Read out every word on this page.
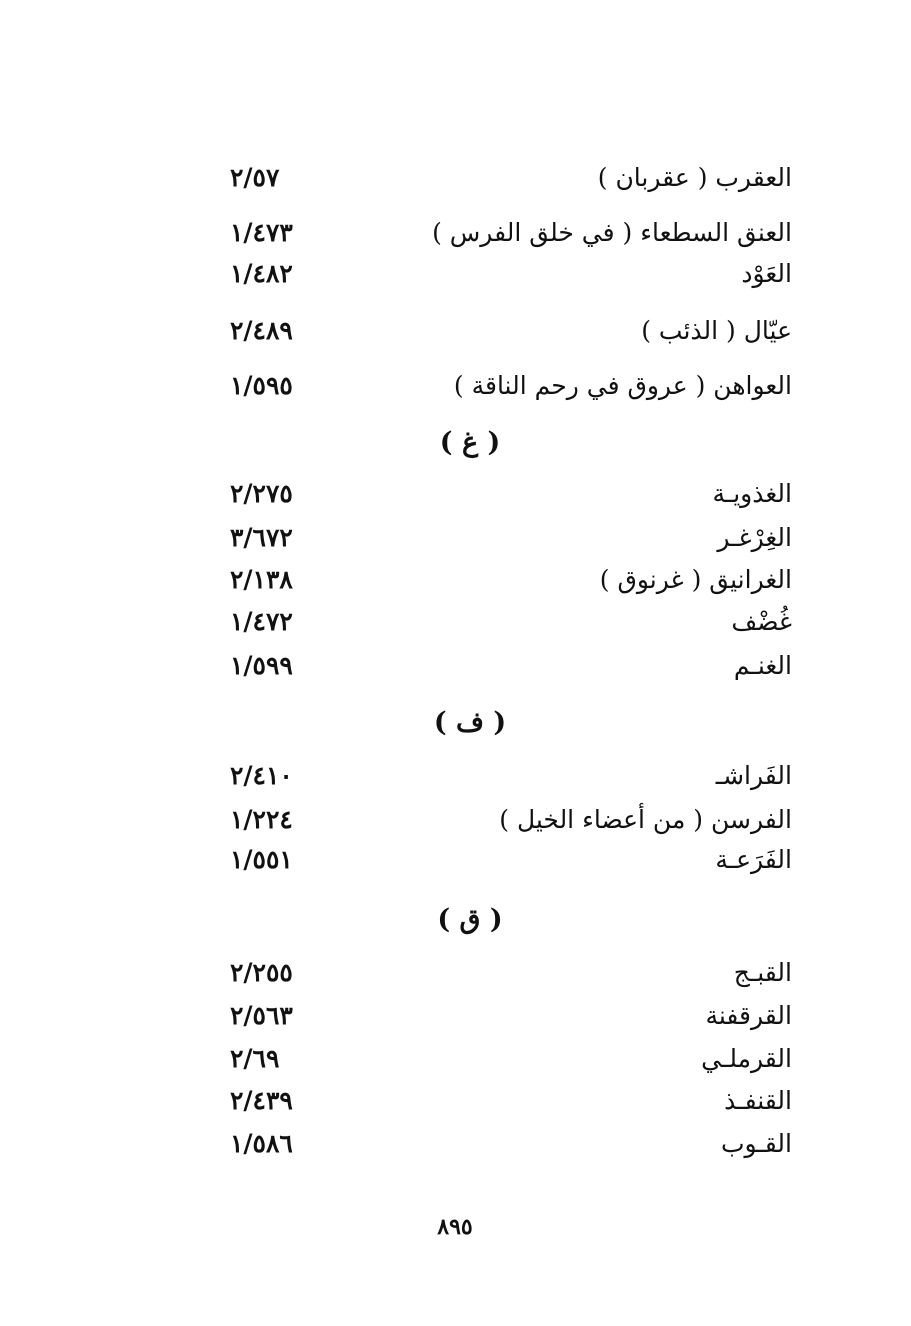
العقرب ( عقربان )
٢/٥٧
العنق السطعاء ( في خلق الفرس )
١/٤٧٣
العَوْد
١/٤٨٢
عيّال ( الذئب )
٢/٤٨٩
العواهن ( عروق في رحم الناقة )
١/٥٩٥
( غ )
الغذويـة
٢/٢٧٥
الغِرْغـر
٣/٦٧٢
الغرانيق ( غرنوق )
٢/١٣٨
غُضْف
١/٤٧٢
الغنـم
١/٥٩٩
( ف )
الفَراشـ
٢/٤١٠
الفرسن ( من أعضاء الخيل )
١/٢٢٤
الفَرَعـة
١/٥٥١
( ق )
القبـج
٢/٢٥٥
القرقفنة
٢/٥٦٣
القرملـي
٢/٦٩
القنفـذ
٢/٤٣٩
القـوب
١/٥٨٦
٨٩٥
